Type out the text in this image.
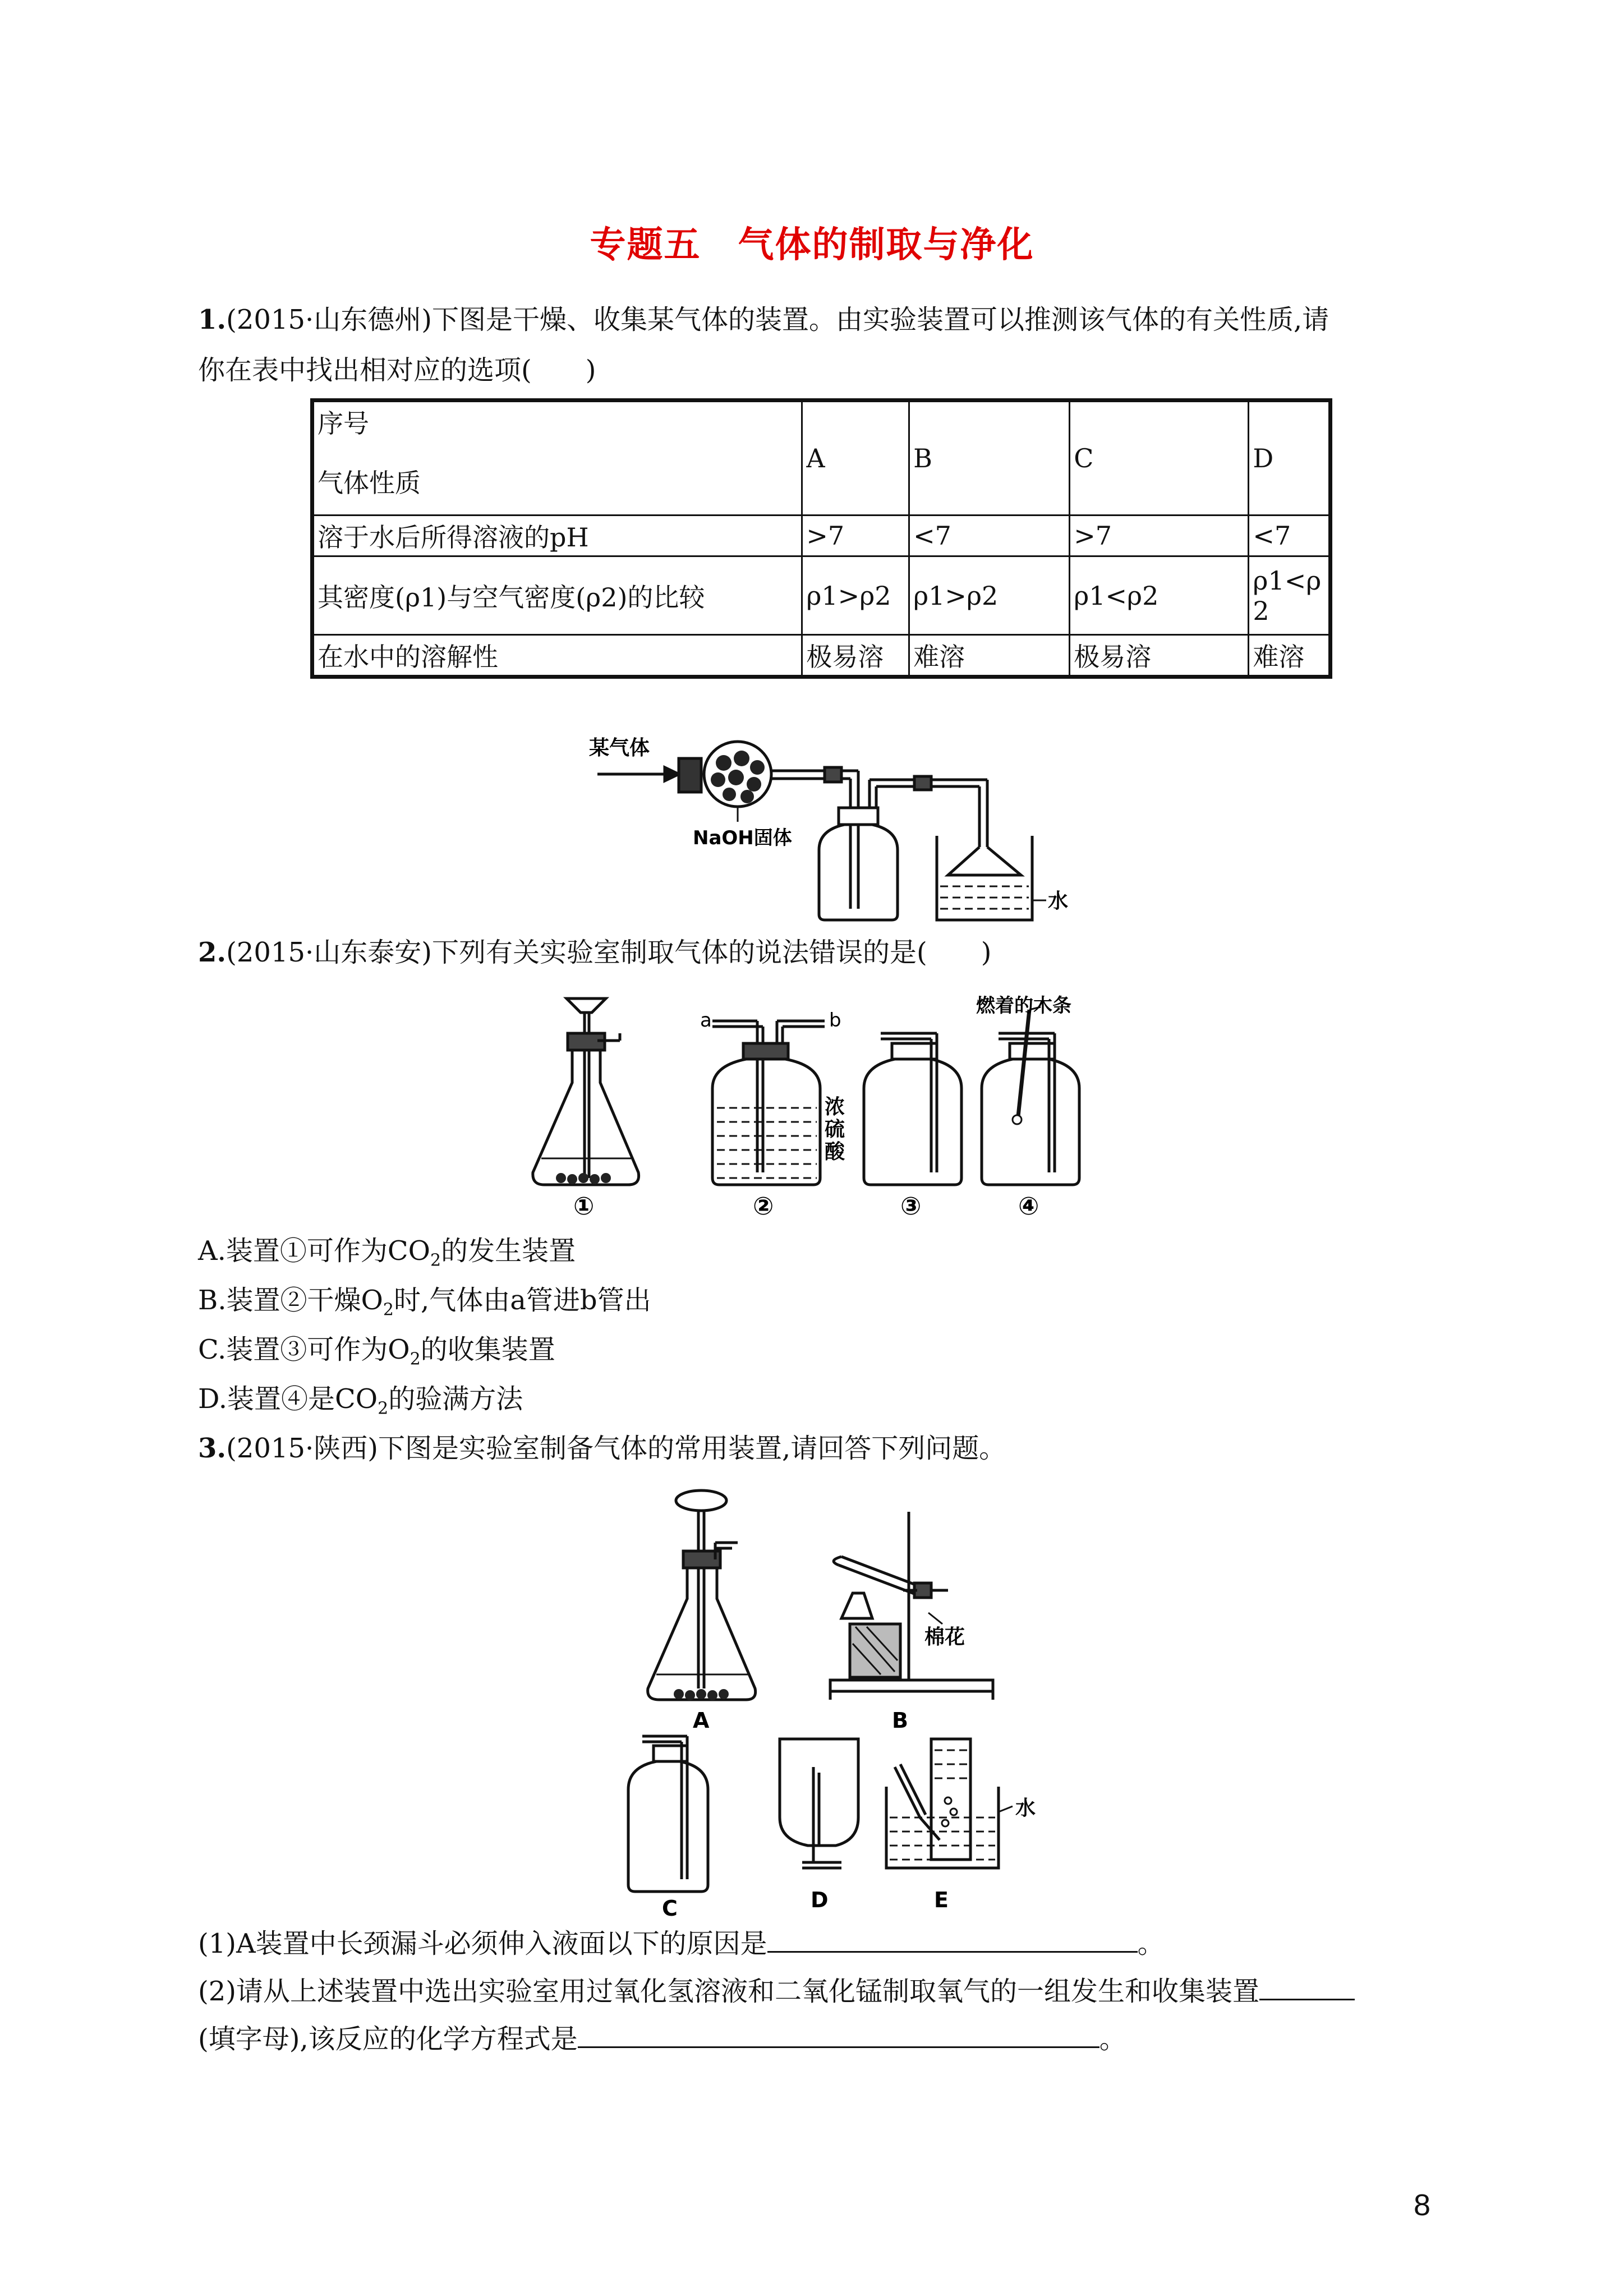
专题五　气体的制取与净化
1.(2015·山东德州)下图是干燥、收集某气体的装置。由实验装置可以推测该气体的有关性质,请
你在表中找出相对应的选项(　　)
序号
气体性质	A	B	C	D
溶于水后所得溶液的pH	>7	<7	>7	<7
其密度(ρ1)与空气密度(ρ2)的比较	ρ1>ρ2	ρ1>ρ2	ρ1<ρ2	ρ1<ρ2
在水中的溶解性	极易溶	难溶	极易溶	难溶
某气体
NaOH固体
水
2.(2015·山东泰安)下列有关实验室制取气体的说法错误的是(　　)
a	b
浓
硫
酸
燃着的木条
①	②	③	④
A.装置①可作为$CO_2$的发生装置
B.装置②干燥$O_2$时,气体由a管进b管出
C.装置③可作为$O_2$的收集装置
D.装置④是$CO_2$的验满方法
3.(2015·陕西)下图是实验室制备气体的常用装置,请回答下列问题。
棉花
水
A	B
C	D	E
(1)A装置中长颈漏斗必须伸入液面以下的原因是	。
(2)请从上述装置中选出实验室用过氧化氢溶液和二氧化锰制取氧气的一组发生和收集装置
(填字母),该反应的化学方程式是	。
8
